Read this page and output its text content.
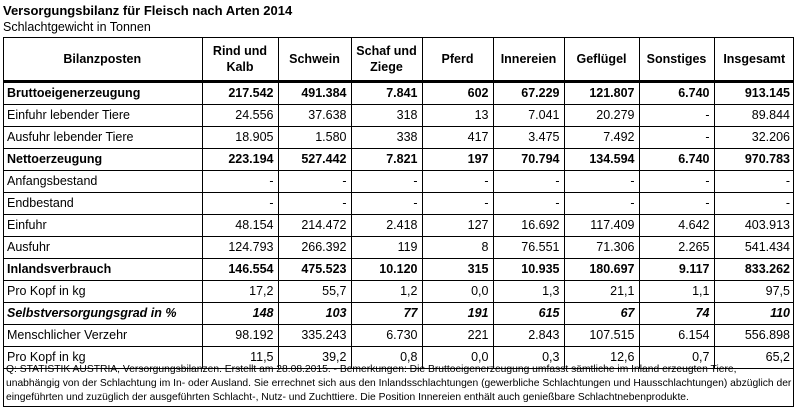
Versorgungsbilanz für Fleisch nach Arten 2014
Schlachtgewicht in Tonnen
Bilanzposten	Rind und Kalb	Schwein	Schaf und Ziege	Pferd	Innereien	Geflügel	Sonstiges	Insgesamt
Bruttoeigenerzeugung	217.542	491.384	7.841	602	67.229	121.807	6.740	913.145
Einfuhr lebender Tiere	24.556	37.638	318	13	7.041	20.279	-	89.844
Ausfuhr lebender Tiere	18.905	1.580	338	417	3.475	7.492	-	32.206
Nettoerzeugung	223.194	527.442	7.821	197	70.794	134.594	6.740	970.783
Anfangsbestand	-	-	-	-	-	-	-	-
Endbestand	-	-	-	-	-	-	-	-
Einfuhr	48.154	214.472	2.418	127	16.692	117.409	4.642	403.913
Ausfuhr	124.793	266.392	119	8	76.551	71.306	2.265	541.434
Inlandsverbrauch	146.554	475.523	10.120	315	10.935	180.697	9.117	833.262
Pro Kopf in kg	17,2	55,7	1,2	0,0	1,3	21,1	1,1	97,5
Selbstversorgungsgrad in %	148	103	77	191	615	67	74	110
Menschlicher Verzehr	98.192	335.243	6.730	221	2.843	107.515	6.154	556.898
Pro Kopf in kg	11,5	39,2	0,8	0,0	0,3	12,6	0,7	65,2
Q: STATISTIK AUSTRIA, Versorgungsbilanzen. Erstellt am 28.08.2015. - Bemerkungen: Die Bruttoeigenerzeugung umfasst sämtliche im Inland erzeugten Tiere, unabhängig von der Schlachtung im In- oder Ausland. Sie errechnet sich aus den Inlandsschlachtungen (gewerbliche Schlachtungen und Hausschlachtungen) abzüglich der eingeführten und zuzüglich der ausgeführten Schlacht-, Nutz- und Zuchttiere. Die Position Innereien enthält auch genießbare Schlachtnebenprodukte.
